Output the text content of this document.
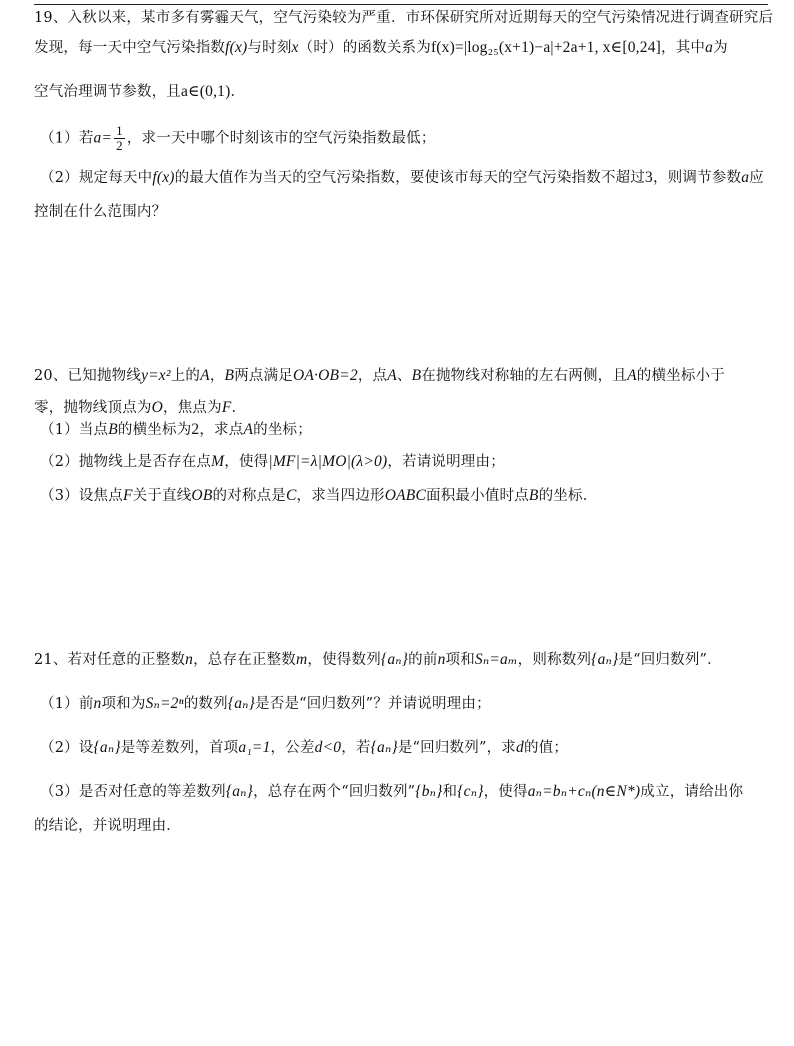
19、入秋以来，某市多有雾霾天气，空气污染较为严重．市环保研究所对近期每天的空气污染情况进行调查研究后
发现，每一天中空气污染指数f(x)与时刻x（时）的函数关系为f(x)=|log₂₅(x+1)−a|+2a+1, x∈[0,24]，其中a为
空气治理调节参数，且a∈(0,1)．
（1）若$a= \frac{1}{2}$ ，求一天中哪个时刻该市的空气污染指数最低；
（2）规定每天中f(x)的最大值作为当天的空气污染指数，要使该市每天的空气污染指数不超过3，则调节参数a应
控制在什么范围内？
20、已知抛物线y=x²上的A，B两点满足OA·OB=2，点A、B在抛物线对称轴的左右两侧，且A的横坐标小于
零，抛物线顶点为O，焦点为F．
（1）当点B的横坐标为2，求点A的坐标；
（2）抛物线上是否存在点M，使得|MF|=λ|MO|(λ>0)，若请说明理由；
（3）设焦点F关于直线OB的对称点是C，求当四边形OABC面积最小值时点B的坐标．
21、若对任意的正整数n，总存在正整数m，使得数列{aₙ}的前n项和Sₙ=aₘ，则称数列{aₙ}是“回归数列”．
（1）前n项和为Sₙ=2ⁿ的数列{aₙ}是否是“回归数列”？并请说明理由；
（2）设{aₙ}是等差数列，首项a₁=1，公差d<0，若{aₙ}是“回归数列”，求d的值；
（3）是否对任意的等差数列{aₙ}，总存在两个“回归数列”{bₙ}和{cₙ}，使得aₙ=bₙ+cₙ(n∈N*)成立，请给出你
的结论，并说明理由．
